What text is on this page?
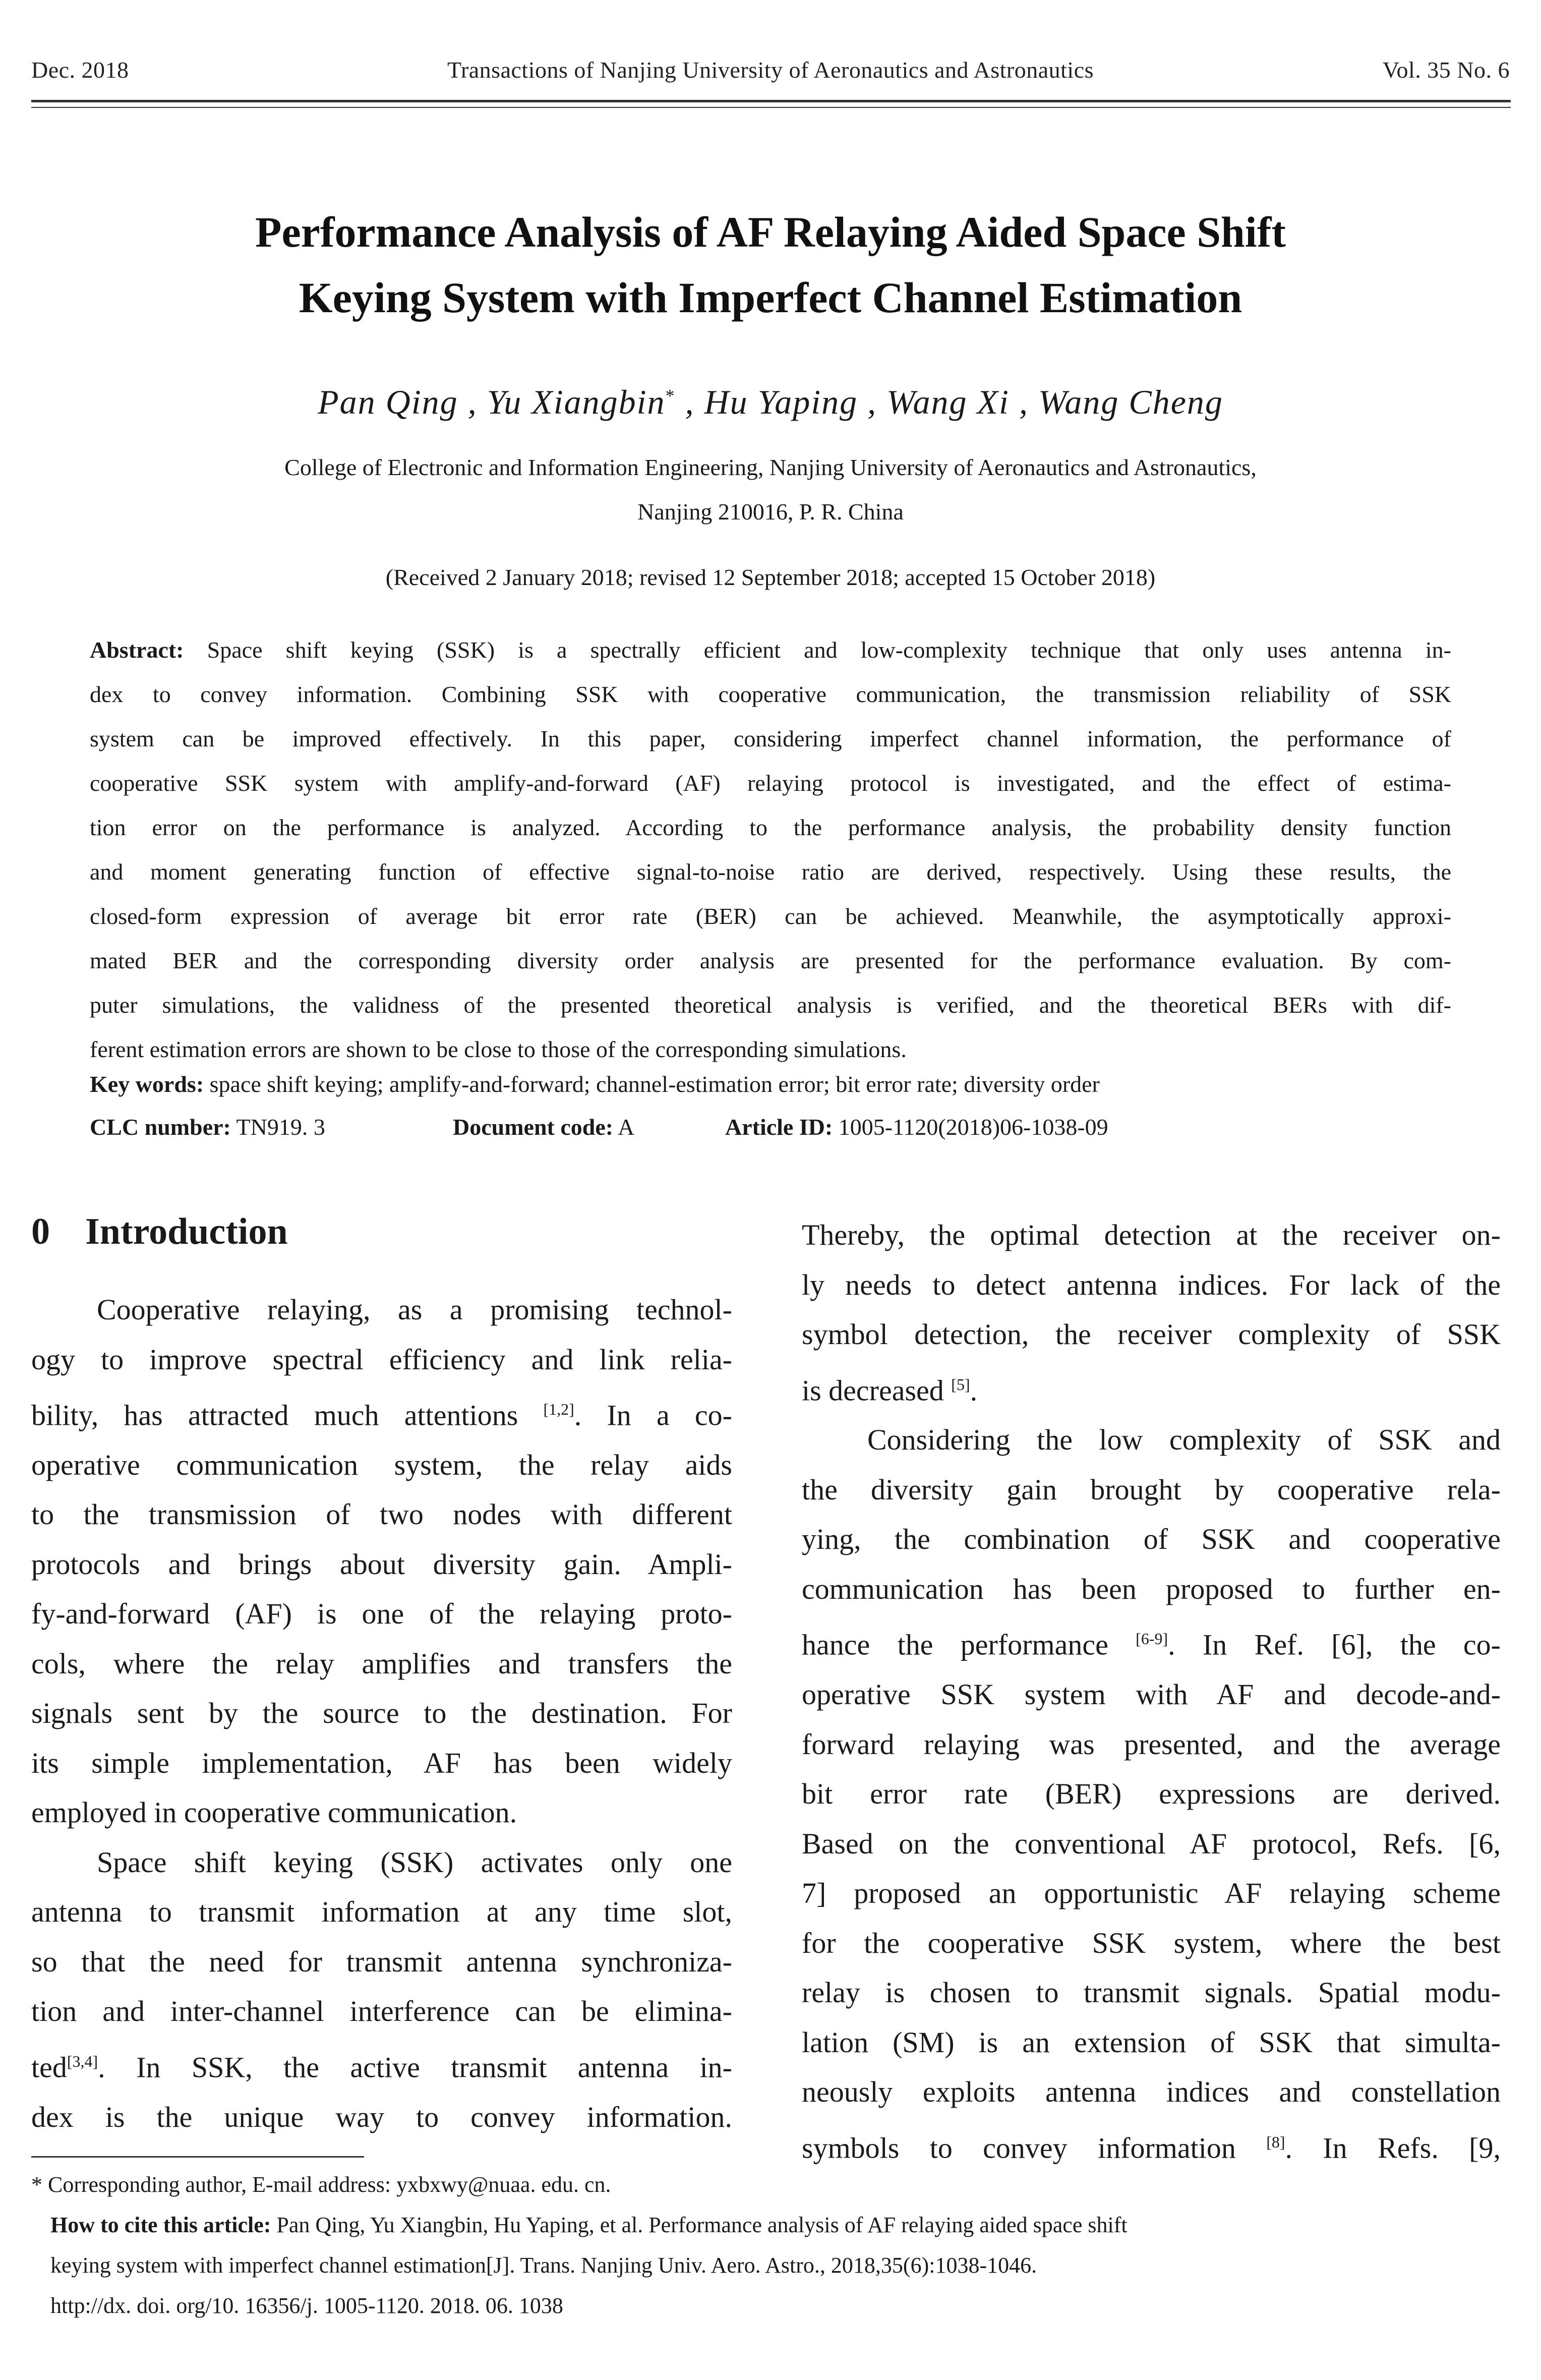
Dec. 2018	Transactions of Nanjing University of Aeronautics and Astronautics	Vol. 35 No. 6
Performance Analysis of AF Relaying Aided Space Shift
Keying System with Imperfect Channel Estimation
Pan Qing , Yu Xiangbin* , Hu Yaping , Wang Xi , Wang Cheng
College of Electronic and Information Engineering, Nanjing University of Aeronautics and Astronautics,
Nanjing 210016, P. R. China
(Received 2 January 2018; revised 12 September 2018; accepted 15 October 2018)
Abstract: Space shift keying (SSK) is a spectrally efficient and low-complexity technique that only uses antenna in-
dex to convey information. Combining SSK with cooperative communication, the transmission reliability of SSK
system can be improved effectively. In this paper, considering imperfect channel information, the performance of
cooperative SSK system with amplify-and-forward (AF) relaying protocol is investigated, and the effect of estima-
tion error on the performance is analyzed. According to the performance analysis, the probability density function
and moment generating function of effective signal-to-noise ratio are derived, respectively. Using these results, the
closed-form expression of average bit error rate (BER) can be achieved. Meanwhile, the asymptotically approxi-
mated BER and the corresponding diversity order analysis are presented for the performance evaluation. By com-
puter simulations, the validness of the presented theoretical analysis is verified, and the theoretical BERs with dif-
ferent estimation errors are shown to be close to those of the corresponding simulations.
Key words: space shift keying; amplify-and-forward; channel-estimation error; bit error rate; diversity order
CLC number: TN919. 3	Document code: A	Article ID: 1005-1120(2018)06-1038-09
0 Introduction
Cooperative relaying, as a promising technol-
ogy to improve spectral efficiency and link relia-
bility, has attracted much attentions [1,2]. In a co-
operative communication system, the relay aids
to the transmission of two nodes with different
protocols and brings about diversity gain. Ampli-
fy-and-forward (AF) is one of the relaying proto-
cols, where the relay amplifies and transfers the
signals sent by the source to the destination. For
its simple implementation, AF has been widely
employed in cooperative communication.
Space shift keying (SSK) activates only one
antenna to transmit information at any time slot,
so that the need for transmit antenna synchroniza-
tion and inter-channel interference can be elimina-
ted[3,4]. In SSK, the active transmit antenna in-
dex is the unique way to convey information.
Thereby, the optimal detection at the receiver on-
ly needs to detect antenna indices. For lack of the
symbol detection, the receiver complexity of SSK
is decreased [5].
Considering the low complexity of SSK and
the diversity gain brought by cooperative rela-
ying, the combination of SSK and cooperative
communication has been proposed to further en-
hance the performance [6-9]. In Ref. [6], the co-
operative SSK system with AF and decode-and-
forward relaying was presented, and the average
bit error rate (BER) expressions are derived.
Based on the conventional AF protocol, Refs. [6,
7] proposed an opportunistic AF relaying scheme
for the cooperative SSK system, where the best
relay is chosen to transmit signals. Spatial modu-
lation (SM) is an extension of SSK that simulta-
neously exploits antenna indices and constellation
symbols to convey information [8]. In Refs. [9,
* Corresponding author, E-mail address: yxbxwy@nuaa. edu. cn.
How to cite this article: Pan Qing, Yu Xiangbin, Hu Yaping, et al. Performance analysis of AF relaying aided space shift
keying system with imperfect channel estimation[J]. Trans. Nanjing Univ. Aero. Astro., 2018,35(6):1038-1046.
http://dx. doi. org/10. 16356/j. 1005-1120. 2018. 06. 1038
